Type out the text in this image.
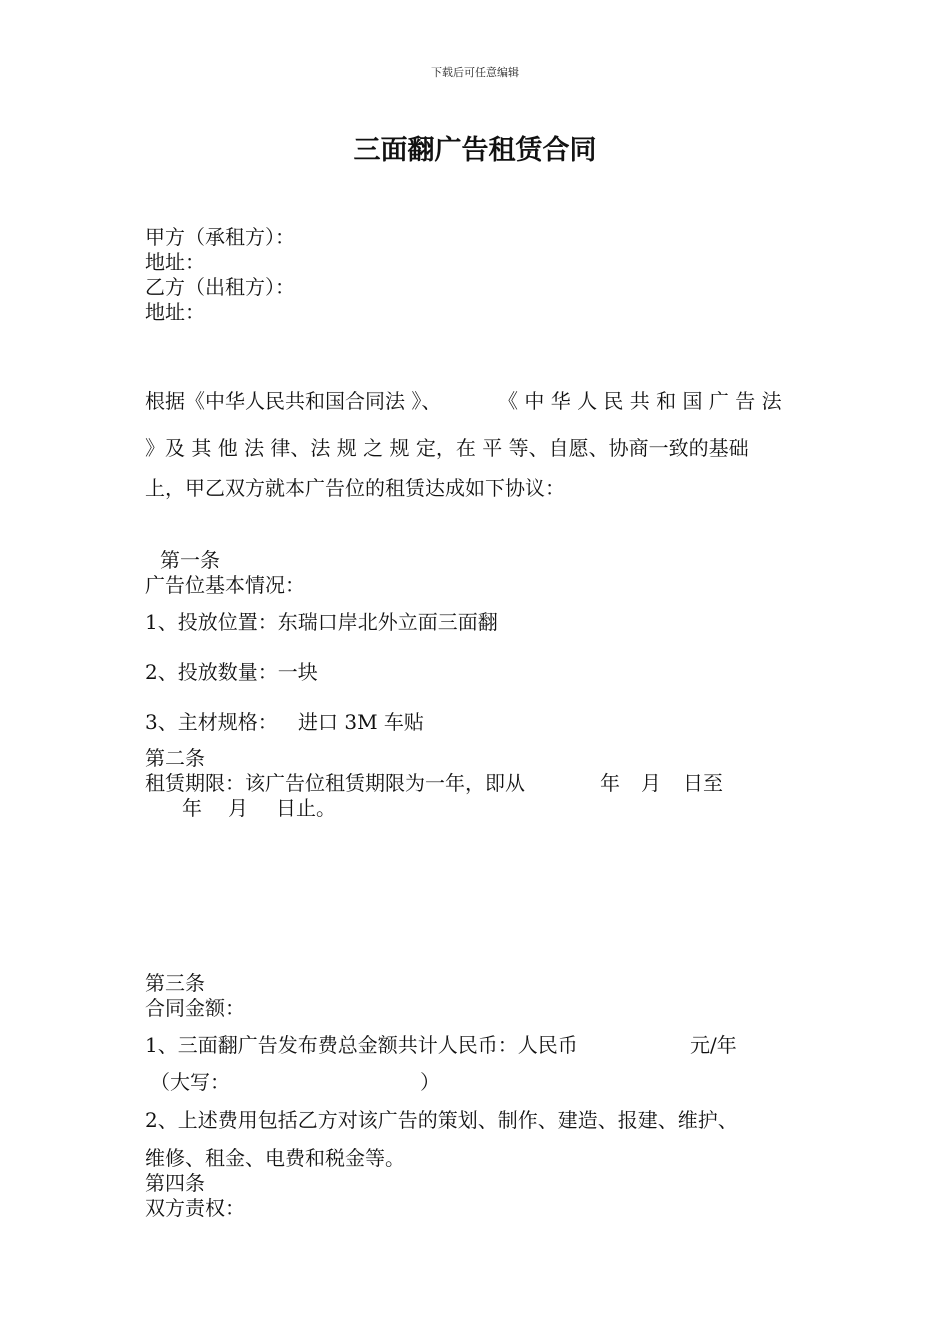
下载后可任意编辑
三面翻广告租赁合同
甲方（承租方）：
地址：
乙方（出租方）：
地址：
根据《中华人民共和国合同法 》、	《 中 华 人 民 共 和 国 广 告 法
》及 其 他 法 律、法 规 之 规 定，在 平 等、自愿、协商一致的基础
上，甲乙双方就本广告位的租赁达成如下协议：
第一条
广告位基本情况：
1、投放位置：东瑞口岸北外立面三面翻
2、投放数量：一块
3、主材规格： 进口 3M 车贴
第二条
租赁期限：该广告位租赁期限为一年，即从	年 月 日至
年 月 日止。
第三条
合同金额：
1、三面翻广告发布费总金额共计人民币：人民币	元/年
（大写：	）
2、上述费用包括乙方对该广告的策划、制作、建造、报建、维护、
维修、租金、电费和税金等。
第四条
双方责权：
